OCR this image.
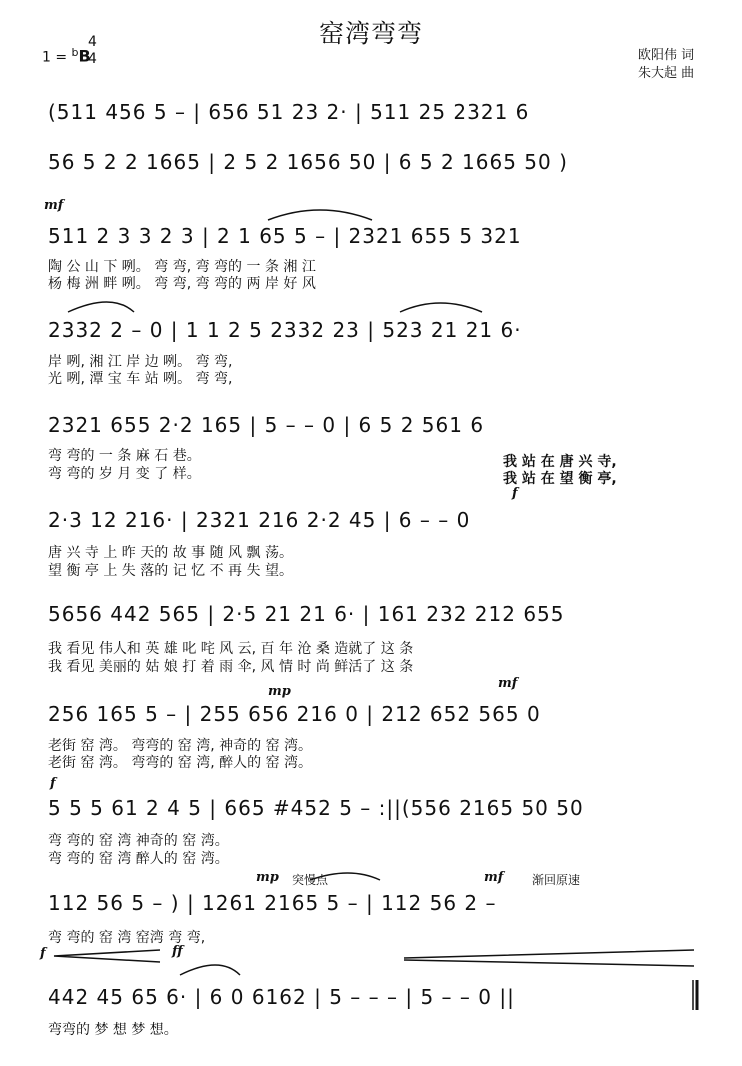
窑湾弯弯
1 = $^b$B
4
4	欧阳伟 词
朱大起 曲
(511 456 5 – | 656 51 23 2· | 511 25 2321 6
56 5 2 2 1665 | 2 5 2 1656 50 | 6 5 2 1665 50 )
mf
511 2 3 3 2 3 | 2 1 65 5 – | 2321 655 5 321
陶 公 山 下 咧。 弯 弯, 弯 弯的 一 条 湘 江
杨 梅 洲 畔 咧。 弯 弯, 弯 弯的 两 岸 好 风
2332 2 – 0 | 1 1 2 5 2332 23 | 523 21 21 6·
岸 咧, 湘 江 岸 边 咧。 弯 弯,
光 咧, 潭 宝 车 站 咧。 弯 弯,
2321 655 2·2 165 | 5 – – 0 | 6 5 2 561 6
弯 弯的 一 条 麻 石 巷。
弯 弯的 岁 月 变 了 样。
我 站 在 唐 兴 寺,
我 站 在 望 衡 亭,
f
2·3 12 216· | 2321 216 2·2 45 | 6 – – 0
唐 兴 寺 上 昨 天的 故 事 随 风 飘 荡。
望 衡 亭 上 失 落的 记 忆 不 再 失 望。
5656 442 565 | 2·5 21 21 6· | 161 232 212 655
我 看见 伟人和 英 雄 叱 咤 风 云, 百 年 沧 桑 造就了 这 条
我 看见 美丽的 姑 娘 打 着 雨 伞, 风 情 时 尚 鲜活了 这 条
mp
mf
256 165 5 – | 255 656 216 0 | 212 652 565 0
老街 窑 湾。 弯弯的 窑 湾, 神奇的 窑 湾。
老街 窑 湾。 弯弯的 窑 湾, 醉人的 窑 湾。
f
5 5 5 61 2 4 5 | 665 #452 5 – :||(556 2165 50 50
弯 弯的 窑 湾 神奇的 窑 湾。
弯 弯的 窑 湾 醉人的 窑 湾。
mp 突慢点	mf 渐回原速
112 56 5 – ) | 1261 2165 5 – | 112 56 2 –
弯 弯的 窑 湾 窑湾 弯 弯,
f	ff
442 45 65 6· | 6 0 6162 | 5 – – – | 5 – – 0 ||
弯弯的 梦 想 梦 想。
